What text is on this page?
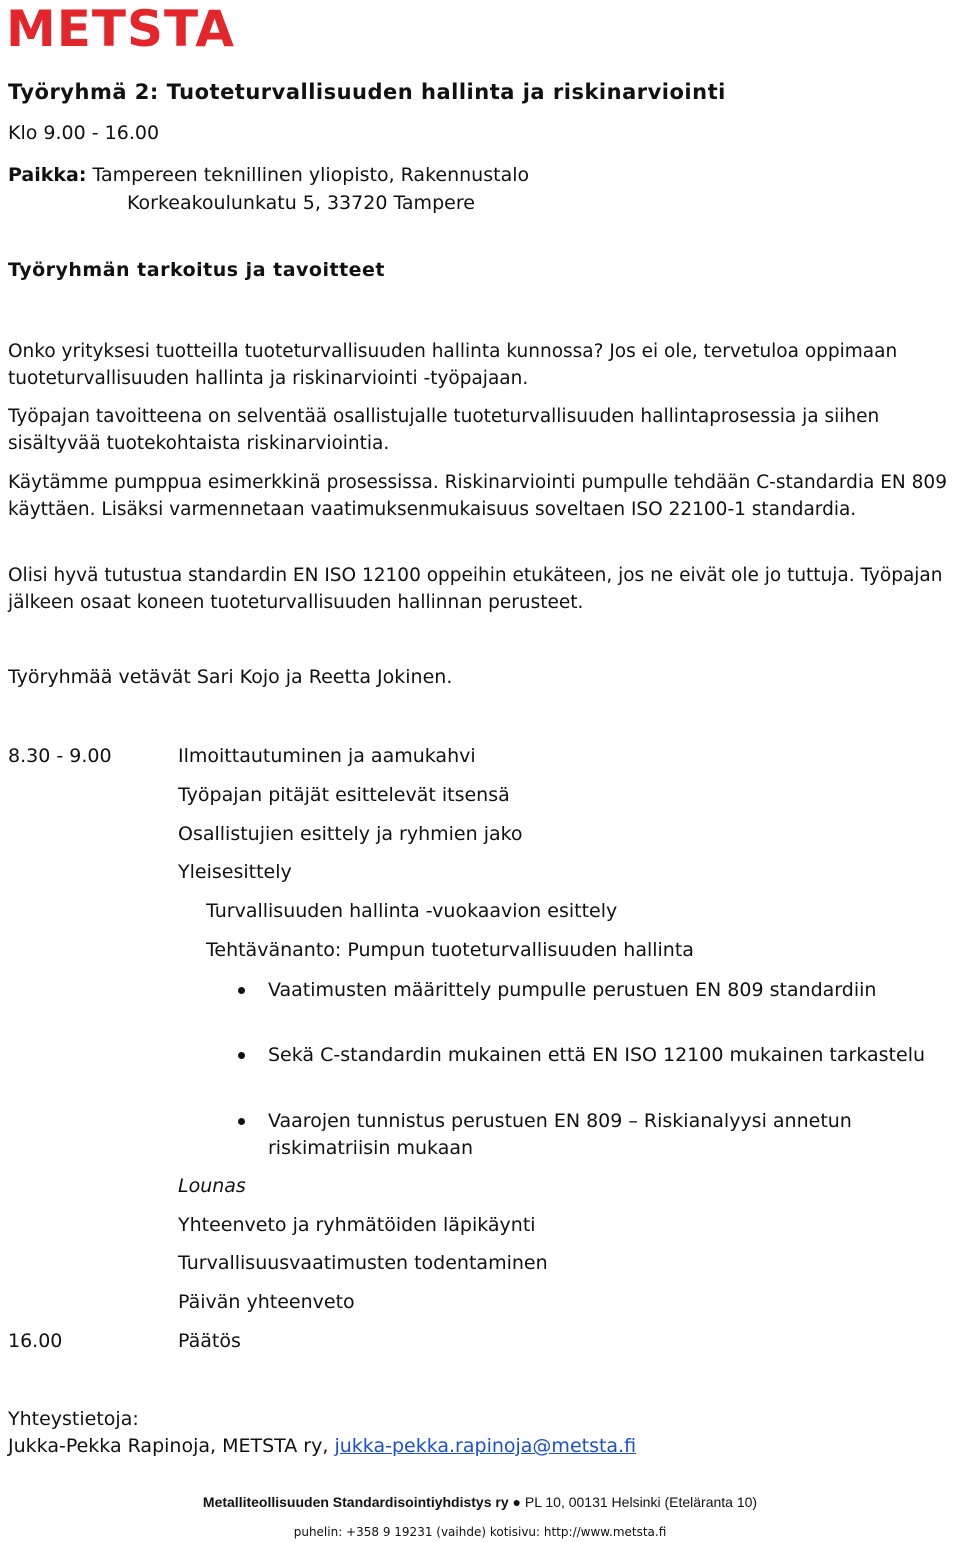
METSTA
Työryhmä 2: Tuoteturvallisuuden hallinta ja riskinarviointi
Klo 9.00 - 16.00
Paikka: Tampereen teknillinen yliopisto, Rakennustalo
Korkeakoulunkatu 5, 33720 Tampere
Työryhmän tarkoitus ja tavoitteet
Onko yrityksesi tuotteilla tuoteturvallisuuden hallinta kunnossa? Jos ei ole, tervetuloa oppimaan tuoteturvallisuuden hallinta ja riskinarviointi -työpajaan.
Työpajan tavoitteena on selventää osallistujalle tuoteturvallisuuden hallintaprosessia ja siihen sisältyvää tuotekohtaista riskinarviointia.
Käytämme pumppua esimerkkinä prosessissa. Riskinarviointi pumpulle tehdään C-standardia EN 809 käyttäen. Lisäksi varmennetaan vaatimuksenmukaisuus soveltaen ISO 22100-1 standardia.
Olisi hyvä tutustua standardin EN ISO 12100 oppeihin etukäteen, jos ne eivät ole jo tuttuja. Työpajan jälkeen osaat koneen tuoteturvallisuuden hallinnan perusteet.
Työryhmää vetävät Sari Kojo ja Reetta Jokinen.
8.30 - 9.00	Ilmoittautuminen ja aamukahvi
Työpajan pitäjät esittelevät itsensä
Osallistujien esittely ja ryhmien jako
Yleisesittely
Turvallisuuden hallinta -vuokaavion esittely
Tehtävänanto: Pumpun tuoteturvallisuuden hallinta
Vaatimusten määrittely pumpulle perustuen EN 809 standardiin
Sekä C-standardin mukainen että EN ISO 12100 mukainen tarkastelu
Vaarojen tunnistus perustuen EN 809 – Riskianalyysi annetun riskimatriisin mukaan
Lounas
Yhteenveto ja ryhmätöiden läpikäynti
Turvallisuusvaatimusten todentaminen
Päivän yhteenveto
16.00	Päätös
Yhteystietoja:
Jukka-Pekka Rapinoja, METSTA ry, jukka-pekka.rapinoja@metsta.fi
Metalliteollisuuden Standardisointiyhdistys ry ● PL 10, 00131 Helsinki (Eteläranta 10)
puhelin: +358 9 19231 (vaihde) kotisivu: http://www.metsta.fi
